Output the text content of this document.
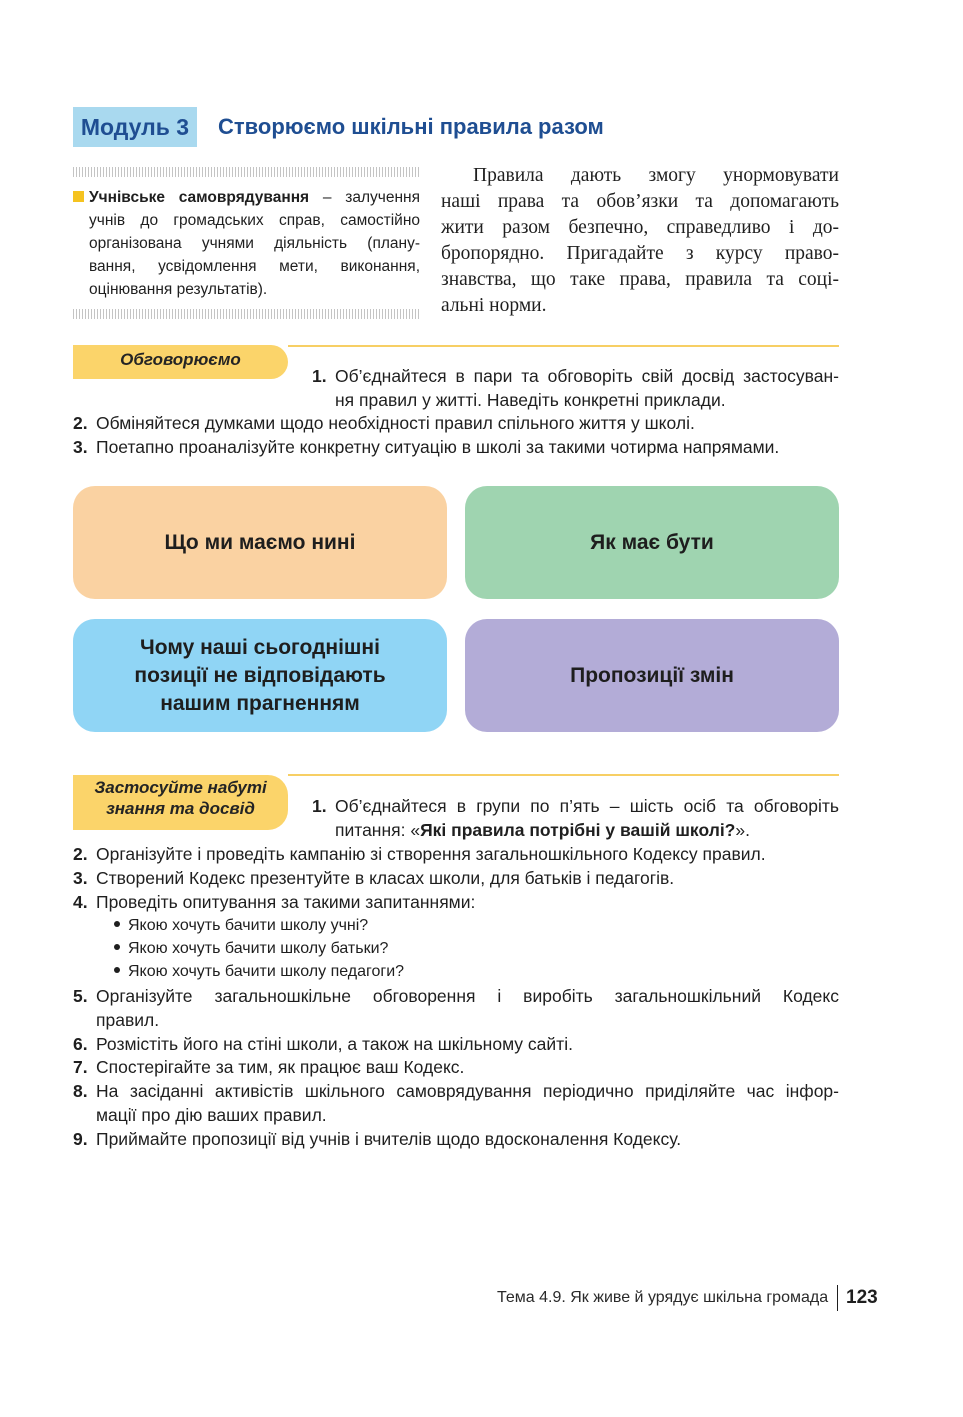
Модуль 3	Створюємо шкільні правила разом
Учнівське самоврядування – залучення
учнів до громадських справ, самостійно
організована учнями діяльність (плану-
вання, усвідомлення мети, виконання,
оцінювання результатів).
Правила дають змогу унормовувати
наші права та обов’язки та допомагають
жити разом безпечно, справедливо і до-
бропорядно. Пригадайте з курсу право-
знавства, що таке права, правила та соці-
альні норми.
Обговорюємо
1. Об’єднайтеся в пари та обговоріть свій досвід застосуван-
ня правил у житті. Наведіть конкретні приклади.
2. Обміняйтеся думками щодо необхідності правил спільного життя у школі.
3. Поетапно проаналізуйте конкретну ситуацію в школі за такими чотирма напрямами.
Що ми маємо нині	Як має бути
Чому наші сьогоднішні
позиції не відповідають
нашим прагненням
Пропозиції змін
Застосуйте набуті
знання та досвід	1. Об’єднайтеся в групи по п’ять – шість осіб та обговоріть
питання: «Які правила потрібні у вашій школі?».
2. Організуйте і проведіть кампанію зі створення загальношкільного Кодексу правил.
3. Створений Кодекс презентуйте в класах школи, для батьків і педагогів.
4. Проведіть опитування за такими запитаннями:
Якою хочуть бачити школу учні?
Якою хочуть бачити школу батьки?
Якою хочуть бачити школу педагоги?
5. Організуйте загальношкільне обговорення і виробіть загальношкільний Кодекс
правил.
6. Розмістіть його на стіні школи, а також на шкільному сайті.
7. Спостерігайте за тим, як працює ваш Кодекс.
8. На засіданні активістів шкільного самоврядування періодично приділяйте час інфор-
мації про дію ваших правил.
9. Приймайте пропозиції від учнів і вчителів щодо вдосконалення Кодексу.
Тема 4.9. Як живе й урядує шкільна громада 123
